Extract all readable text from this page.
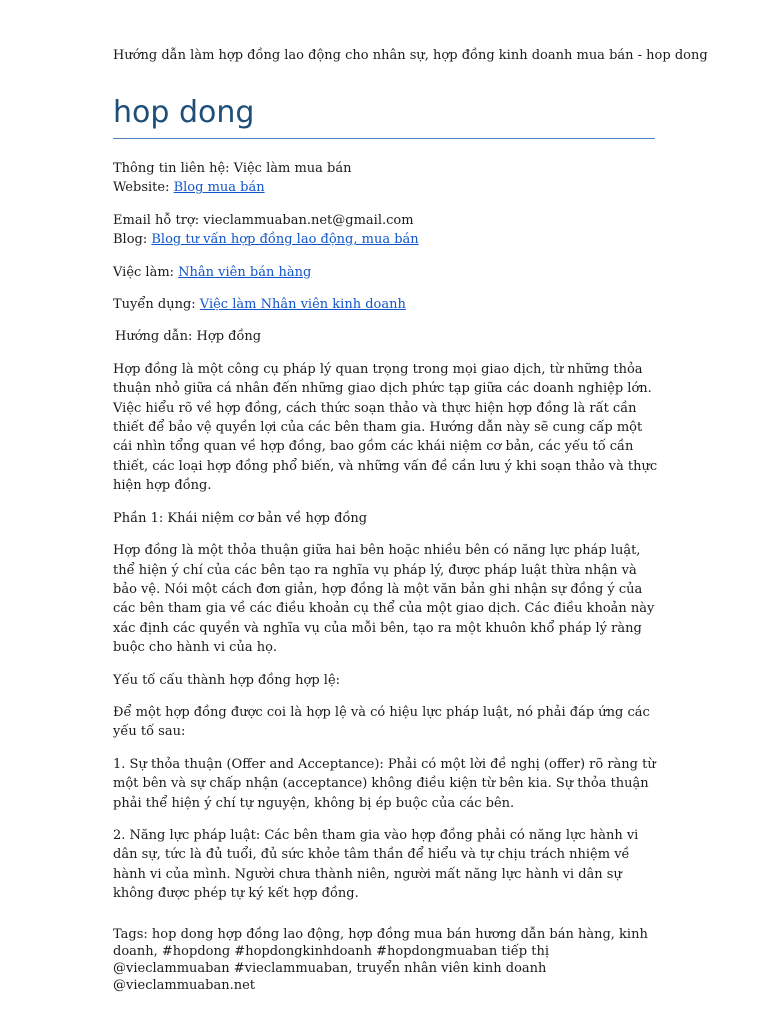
Hướng dẫn làm hợp đồng lao động cho nhân sự, hợp đồng kinh doanh mua bán - hop dong
hop dong

Thông tin liên hệ: Việc làm mua bán
Website: Blog mua bán

Email hỗ trợ: vieclammuaban.net@gmail.com
Blog: Blog tư vấn hợp đồng lao động, mua bán

Việc làm: Nhân viên bán hàng

Tuyển dụng: Việc làm Nhân viên kinh doanh

Hướng dẫn: Hợp đồng

Hợp đồng là một công cụ pháp lý quan trọng trong mọi giao dịch, từ những thỏa thuận nhỏ giữa cá nhân đến những giao dịch phức tạp giữa các doanh nghiệp lớn. Việc hiểu rõ về hợp đồng, cách thức soạn thảo và thực hiện hợp đồng là rất cần thiết để bảo vệ quyền lợi của các bên tham gia. Hướng dẫn này sẽ cung cấp một cái nhìn tổng quan về hợp đồng, bao gồm các khái niệm cơ bản, các yếu tố cần thiết, các loại hợp đồng phổ biến, và những vấn đề cần lưu ý khi soạn thảo và thực hiện hợp đồng.

Phần 1: Khái niệm cơ bản về hợp đồng

Hợp đồng là một thỏa thuận giữa hai bên hoặc nhiều bên có năng lực pháp luật, thể hiện ý chí của các bên tạo ra nghĩa vụ pháp lý, được pháp luật thừa nhận và bảo vệ. Nói một cách đơn giản, hợp đồng là một văn bản ghi nhận sự đồng ý của các bên tham gia về các điều khoản cụ thể của một giao dịch. Các điều khoản này xác định các quyền và nghĩa vụ của mỗi bên, tạo ra một khuôn khổ pháp lý ràng buộc cho hành vi của họ.

Yếu tố cấu thành hợp đồng hợp lệ:

Để một hợp đồng được coi là hợp lệ và có hiệu lực pháp luật, nó phải đáp ứng các yếu tố sau:

1. Sự thỏa thuận (Offer and Acceptance): Phải có một lời đề nghị (offer) rõ ràng từ một bên và sự chấp nhận (acceptance) không điều kiện từ bên kia. Sự thỏa thuận phải thể hiện ý chí tự nguyện, không bị ép buộc của các bên.

2. Năng lực pháp luật: Các bên tham gia vào hợp đồng phải có năng lực hành vi dân sự, tức là đủ tuổi, đủ sức khỏe tâm thần để hiểu và tự chịu trách nhiệm về hành vi của mình. Người chưa thành niên, người mất năng lực hành vi dân sự không được phép tự ký kết hợp đồng.

Tags: hop dong hợp đồng lao động, hợp đồng mua bán hương dẫn bán hàng, kinh doanh, #hopdong #hopdongkinhdoanh #hopdongmuaban tiếp thị @vieclammuaban #vieclammuaban, truyển nhân viên kinh doanh @vieclammuaban.net
